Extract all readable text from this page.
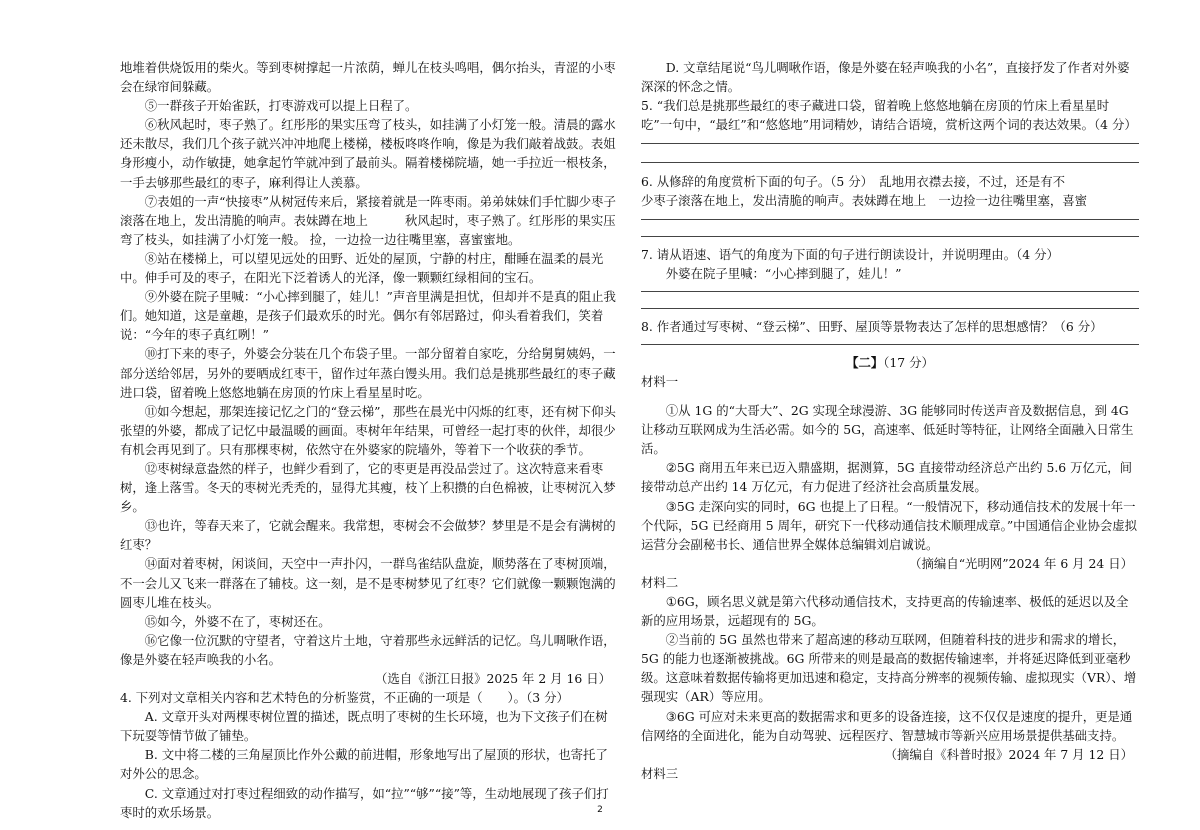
地堆着供烧饭用的柴火。等到枣树撑起一片浓荫，蝉儿在枝头鸣唱，偶尔抬头，青涩的小枣会在绿帘间躲藏。

⑤一群孩子开始雀跃，打枣游戏可以提上日程了。

⑥秋风起时，枣子熟了。红彤彤的果实压弯了枝头，如挂满了小灯笼一般。清晨的露水还未散尽，我们几个孩子就兴冲冲地爬上楼梯，楼板咚咚作响，像是为我们敲着战鼓。表姐身形瘦小，动作敏捷，她拿起竹竿就冲到了最前头。隔着楼梯院墙，她一手拉近一根枝条，一手去够那些最红的枣子，麻利得让人羡慕。

⑦表姐的一声“快接枣”从树冠传来后，紧接着就是一阵枣雨。弟弟妹妹们手忙脚少枣子滚落在地上，发出清脆的响声。表妹蹲在地上　　　秋风起时，枣子熟了。红彤彤的果实压弯了枝头，如挂满了小灯笼一般。 捡，一边捡一边往嘴里塞，喜蜜蜜地。

⑧站在楼梯上，可以望见远处的田野、近处的屋顶，宁静的村庄，酣睡在温柔的晨光中。伸手可及的枣子，在阳光下泛着诱人的光泽，像一颗颗红绿相间的宝石。

⑨外婆在院子里喊：“小心摔到腿了，娃儿！”声音里满是担忧，但却并不是真的阻止我们。她知道，这是童趣，是孩子们最欢乐的时光。偶尔有邻居路过，仰头看着我们，笑着说：“今年的枣子真红咧！”

⑩打下来的枣子，外婆会分装在几个布袋子里。一部分留着自家吃，分给舅舅姨妈，一部分送给邻居，另外的要晒成红枣干，留作过年蒸白馒头用。我们总是挑那些最红的枣子藏进口袋，留着晚上悠悠地躺在房顶的竹床上看星星时吃。

⑪如今想起，那架连接记忆之门的“登云梯”，那些在晨光中闪烁的红枣，还有树下仰头张望的外婆，都成了记忆中最温暖的画面。枣树年年结果，可曾经一起打枣的伙伴，却很少有机会再见到了。只有那棵枣树，依然守在外婆家的院墙外，等着下一个收获的季节。

⑫枣树绿意盎然的样子，也鲜少看到了，它的枣更是再没品尝过了。这次特意来看枣树，逢上落雪。冬天的枣树光秃秃的，显得尤其瘦，枝丫上积攒的白色棉被，让枣树沉入梦乡。

⑬也许，等春天来了，它就会醒来。我常想，枣树会不会做梦？梦里是不是会有满树的红枣？

⑭面对着枣树，闲谈间，天空中一声扑闪，一群鸟雀结队盘旋，顺势落在了枣树顶端，不一会儿又飞来一群落在了辅枝。这一刻，是不是枣树梦见了红枣？它们就像一颗颗饱满的圆枣儿堆在枝头。

⑮如今，外婆不在了，枣树还在。

⑯它像一位沉默的守望者，守着这片土地，守着那些永远鲜活的记忆。鸟儿啁啾作语，像是外婆在轻声唤我的小名。

（选自《浙江日报》2025 年 2 月 16 日）

4. 下列对文章相关内容和艺术特色的分析鉴赏，不正确的一项是（　　）。（3 分）

A. 文章开头对两棵枣树位置的描述，既点明了枣树的生长环境，也为下文孩子们在树下玩耍等情节做了铺垫。

B. 文中将二楼的三角屋顶比作外公戴的前进帽，形象地写出了屋顶的形状，也寄托了对外公的思念。

C. 文章通过对打枣过程细致的动作描写，如“拉”“够”“接”等，生动地展现了孩子们打枣时的欢乐场景。

D. 文章结尾说“鸟儿啁啾作语，像是外婆在轻声唤我的小名”，直接抒发了作者对外婆深深的怀念之情。

5. “我们总是挑那些最红的枣子藏进口袋，留着晚上悠悠地躺在房顶的竹床上看星星时吃”一句中，“最红”和“悠悠地”用词精妙，请结合语境，赏析这两个词的表达效果。（4 分）

6. 从修辞的角度赏析下面的句子。（5 分）　乱地用衣襟去接，不过，还是有不

少枣子滚落在地上，发出清脆的响声。表妹蹲在地上　一边捡一边往嘴里塞，喜蜜

7. 请从语速、语气的角度为下面的句子进行朗读设计，并说明理由。（4 分）

外婆在院子里喊：“小心摔到腿了，娃儿！”

8. 作者通过写枣树、“登云梯”、田野、屋顶等景物表达了怎样的思想感情？（6 分）

【二】（17 分）

材料一

①从 1G 的“大哥大”、2G 实现全球漫游、3G 能够同时传送声音及数据信息，到 4G 让移动互联网成为生活必需。如今的 5G，高速率、低延时等特征，让网络全面融入日常生活。

②5G 商用五年来已迈入鼎盛期，据测算，5G 直接带动经济总产出约 5.6 万亿元，间接带动总产出约 14 万亿元，有力促进了经济社会高质量发展。

③5G 走深向实的同时，6G 也提上了日程。“一般情况下，移动通信技术的发展十年一个代际，5G 已经商用 5 周年，研究下一代移动通信技术顺理成章。”中国通信企业协会虚拟运营分会副秘书长、通信世界全媒体总编辑刘启诚说。

（摘编自“光明网”2024 年 6 月 24 日）

材料二

①6G，顾名思义就是第六代移动通信技术，支持更高的传输速率、极低的延迟以及全新的应用场景，远超现有的 5G。

②当前的 5G 虽然也带来了超高速的移动互联网，但随着科技的进步和需求的增长，5G 的能力也逐渐被挑战。6G 所带来的则是最高的数据传输速率，并将延迟降低到亚毫秒级。这意味着数据传输将更加迅速和稳定，支持高分辨率的视频传输、虚拟现实（VR）、增强现实（AR）等应用。

③6G 可应对未来更高的数据需求和更多的设备连接，这不仅仅是速度的提升，更是通信网络的全面进化，能为自动驾驶、远程医疗、智慧城市等新兴应用场景提供基础支持。

（摘编自《科普时报》2024 年 7 月 12 日）

材料三

2
